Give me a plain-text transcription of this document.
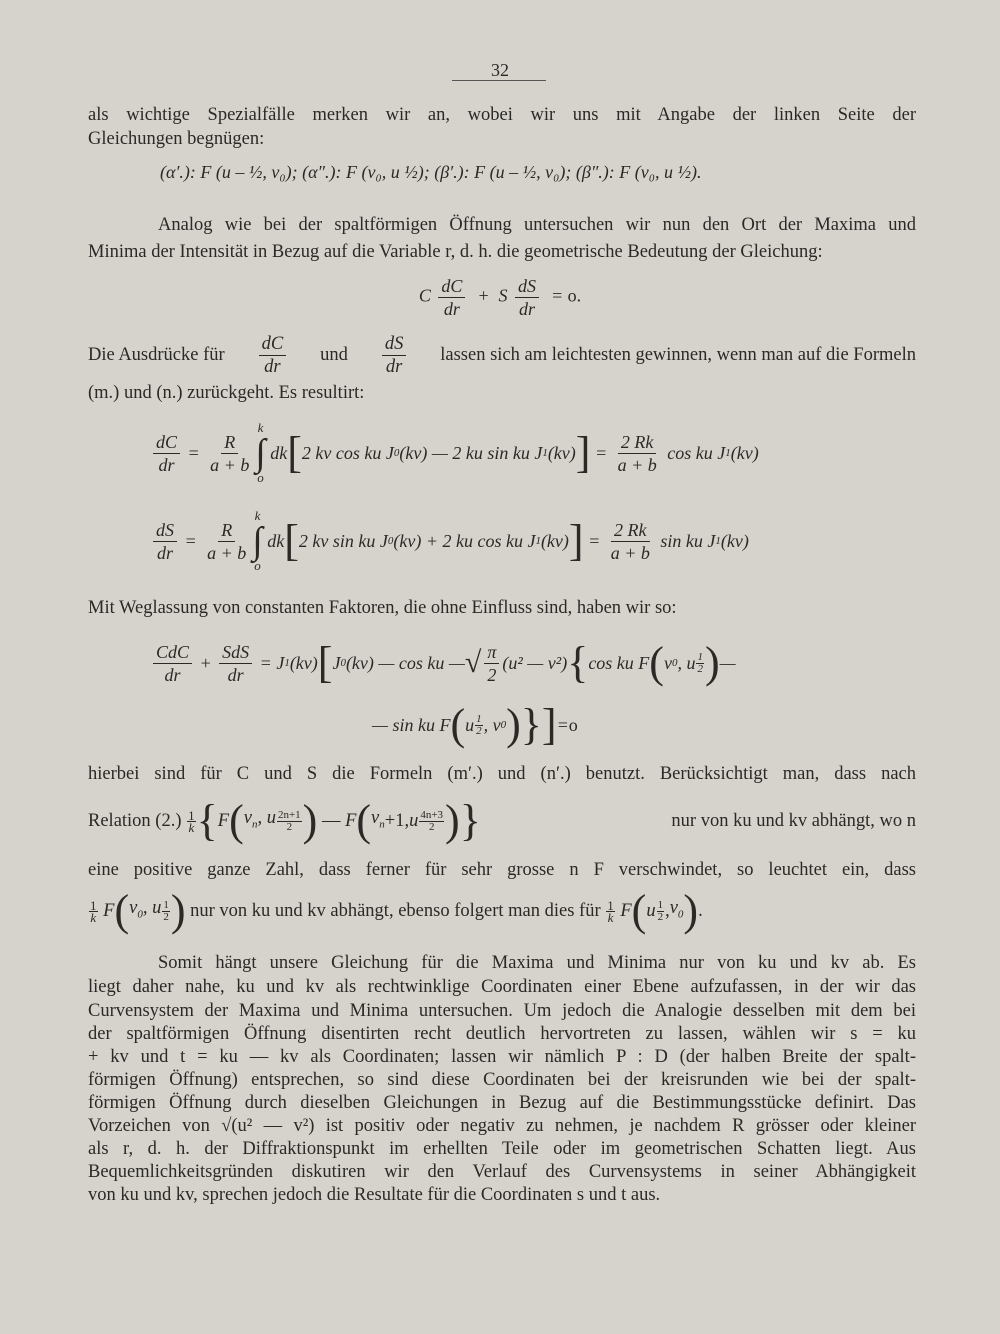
32
als wichtige Spezialfälle merken wir an, wobei wir uns mit Angabe der linken Seite der
Gleichungen begnügen:
(α′.): F (u – ½, v₀); (α″.): F (v₀, u ½); (β′.): F (u – ½, v₀); (β″.): F (v₀, u ½).
Analog wie bei der spaltförmigen Öffnung untersuchen wir nun den Ort der Maxima und
Minima der Intensität in Bezug auf die Variable r, d. h. die geometrische Bedeutung der Gleichung:
C $\frac{dC}{dr} + S \frac{dS}{dr} = o$.
Die Ausdrücke für $\frac{dC}{dr}$ und $\frac{dS}{dr}$ lassen sich am leichtesten gewinnen, wenn man auf die Formeln
(m.) und (n.) zurückgeht. Es resultirt:
$\frac{dC}{dr} = \frac{R}{a + b}$
k
∫
o
dk [ 2 kv cos ku J 0 (kv) — 2 ku sin ku J 1 (kv) ] = $\frac{2 Rk}{a + b}$ cos ku J 1 (kv)
$\frac{dS}{dr} = \frac{R}{a + b}$
k
∫
o
dk [ 2 kv sin ku J 0 (kv) + 2 ku cos ku J 1 (kv) ] = $\frac{2 Rk}{a + b}$ sin ku J 1 (kv)
Mit Weglassung von constanten Faktoren, die ohne Einfluss sind, haben wir so:
$\frac{\text{CdC}}{dr} + \frac{\text{SdS}}{dr} = J$ 1 (kv) [ J 0 (kv) — cos ku — √ $\frac{\pi}{2} (u^2$ — v²) { cos ku F ( v 0 , u 1
2 ) —
— sin ku F ( u 1
2 , v 0 )}] = o
hierbei sind für C und S die Formeln (m′.) und (n′.) benutzt. Berücksichtigt man, dass nach
Relation (2.)
1
k { F ( $v_n$, u 2n+1
2 ) — F ( $v_n +1$, u 4n+3
2 )}
	nur von ku und kv abhängt, wo n
eine positive ganze Zahl, dass ferner für sehr grosse n F verschwindet, so leuchtet ein, dass
1
k
F ( $v_0$, u 1
2 )
nur von ku und kv abhängt, ebenso folgert man dies für
1
k
F ( u 1
2 , $v_0$ ) .
Somit hängt unsere Gleichung für die Maxima und Minima nur von ku und kv ab. Es
liegt daher nahe, ku und kv als rechtwinklige Coordinaten einer Ebene aufzufassen, in der wir das
Curvensystem der Maxima und Minima untersuchen. Um jedoch die Analogie desselben mit dem bei
der spaltförmigen Öffnung disentirten recht deutlich hervortreten zu lassen, wählen wir s = ku
+ kv und t = ku — kv als Coordinaten; lassen wir nämlich P : D (der halben Breite der spalt-
förmigen Öffnung) entsprechen, so sind diese Coordinaten bei der kreisrunden wie bei der spalt-
förmigen Öffnung durch dieselben Gleichungen in Bezug auf die Bestimmungsstücke definirt. Das
Vorzeichen von √(u² — v²) ist positiv oder negativ zu nehmen, je nachdem R grösser oder kleiner
als r, d. h. der Diffraktionspunkt im erhellten Teile oder im geometrischen Schatten liegt. Aus
Bequemlichkeitsgründen diskutiren wir den Verlauf des Curvensystems in seiner Abhängigkeit
von ku und kv, sprechen jedoch die Resultate für die Coordinaten s und t aus.
